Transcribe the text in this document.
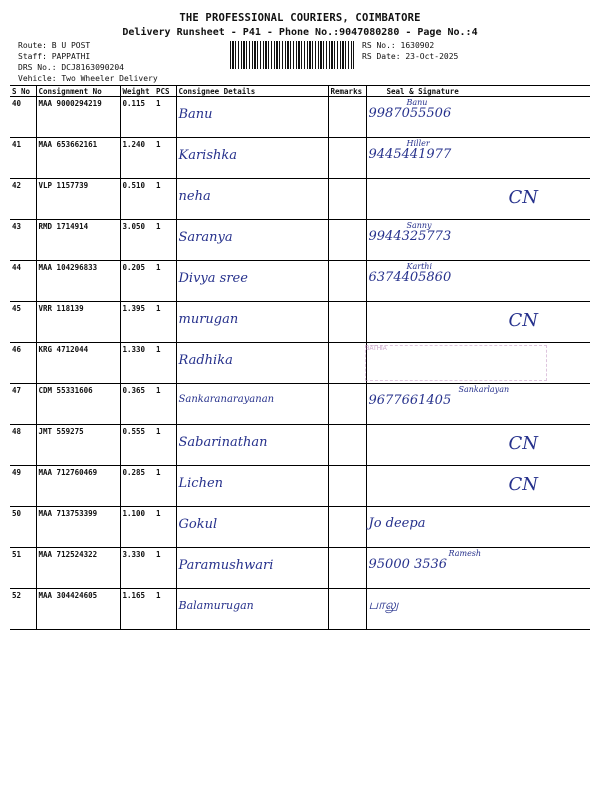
THE PROFESSIONAL COURIERS, COIMBATORE
Delivery Runsheet - P41 - Phone No.:9047080280 - Page No.:4
Route: B U POST
Staff: PAPPATHI
DRS No.: DCJ8163090204
Vehicle: Two Wheeler Delivery
RS No.: 1630902
RS Date: 23-Oct-2025
S No	Consignment No	Weight	PCS	Consignee Details	Remarks	Seal & Signature
40	MAA 9000294219	0.115	1	Banu		Banu
9987055506

41	MAA 653662161	1.240	1	Karishka		Hiller
9445441977

42	VLP 1157739	0.510	1	neha		CN

43	RMD 1714914	3.050	1	Saranya		Sanny
9944325773

44	MAA 104296833	0.205	1	Divya sree		Karthi
6374405860

45	VRR 118139	1.395	1	murugan		CN

46	KRG 4712044	1.330	1	Radhika		BATHIA

47	CDM 55331606	0.365	1	Sankaranarayanan		Sankarlayan
9677661405

48	JMT 559275	0.555	1	Sabarinathan		CN

49	MAA 712760469	0.285	1	Lichen		CN

50	MAA 713753399	1.100	1	Gokul		Jo deepa

51	MAA 712524322	3.330	1	Paramushwari		Ramesh
95000 3536

52	MAA 304424605	1.165	1	Balamurugan		பாலு
